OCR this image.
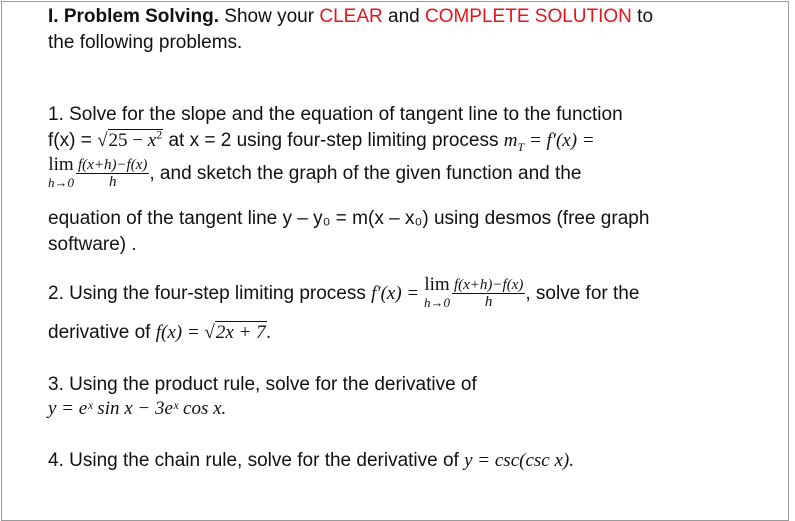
I. Problem Solving. Show your CLEAR and COMPLETE SOLUTION to
the following problems.
1. Solve for the slope and the equation of tangent line to the function
$f(x) = √25 - x^2$ at x = 2 using four-step limiting process $m_T = f'(x)$ =
lim
$h\to 0 \frac{f(x+h)-f(x)}{h}$ , and sketch the graph of the given function and the
equation of the tangent line y – y₀ = m(x – x₀) using desmos (free graph
software) .
2. Using the four-step limiting process f′(x) = lim
$h\to 0 \frac{f(x+h)-f(x)}{h}$ , solve for the
derivative of f(x) = √2x + 7.
3. Using the product rule, solve for the derivative of
y = eˣ sin x − 3eˣ cos x.
4. Using the chain rule, solve for the derivative of y = csc(csc x).
